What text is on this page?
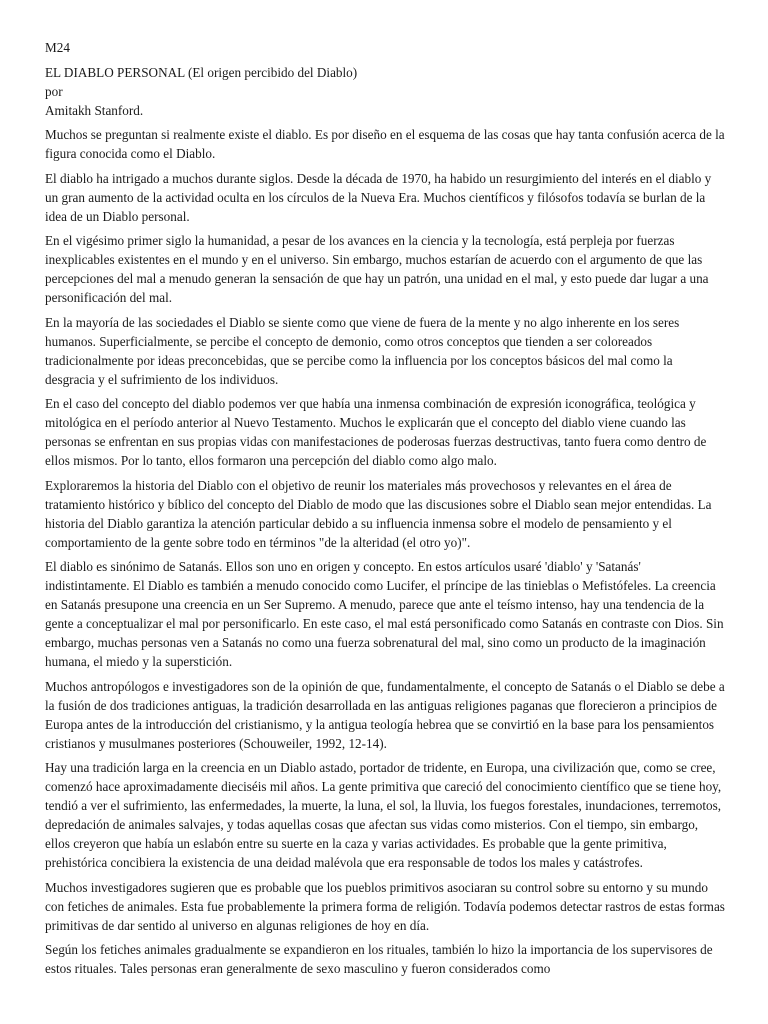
M24

EL DIABLO PERSONAL (El origen percibido del Diablo)

por

Amitakh Stanford.

Muchos se preguntan si realmente existe el diablo. Es por diseño en el esquema de las cosas que hay tanta confusión acerca de la figura conocida como el Diablo.

El diablo ha intrigado a muchos durante siglos. Desde la década de 1970, ha habido un resurgimiento del interés en el diablo y un gran aumento de la actividad oculta en los círculos de la Nueva Era. Muchos científicos y filósofos todavía se burlan de la idea de un Diablo personal.

En el vigésimo primer siglo la humanidad, a pesar de los avances en la ciencia y la tecnología, está perpleja por fuerzas inexplicables existentes en el mundo y en el universo. Sin embargo, muchos estarían de acuerdo con el argumento de que las percepciones del mal a menudo generan la sensación de que hay un patrón, una unidad en el mal, y esto puede dar lugar a una personificación del mal.

En la mayoría de las sociedades el Diablo se siente como que viene de fuera de la mente y no algo inherente en los seres humanos. Superficialmente, se percibe el concepto de demonio, como otros conceptos que tienden a ser coloreados tradicionalmente por ideas preconcebidas, que se percibe como la influencia por los conceptos básicos del mal como la desgracia y el sufrimiento de los individuos.

En el caso del concepto del diablo podemos ver que había una inmensa combinación de expresión iconográfica, teológica y mitológica en el período anterior al Nuevo Testamento. Muchos le explicarán que el concepto del diablo viene cuando las personas se enfrentan en sus propias vidas con manifestaciones de poderosas fuerzas destructivas, tanto fuera como dentro de ellos mismos. Por lo tanto, ellos formaron una percepción del diablo como algo malo.

Exploraremos la historia del Diablo con el objetivo de reunir los materiales más provechosos y relevantes en el área de tratamiento histórico y bíblico del concepto del Diablo de modo que las discusiones sobre el Diablo sean mejor entendidas. La historia del Diablo garantiza la atención particular debido a su influencia inmensa sobre el modelo de pensamiento y el comportamiento de la gente sobre todo en términos "de la alteridad (el otro yo)".

El diablo es sinónimo de Satanás. Ellos son uno en origen y concepto. En estos artículos usaré 'diablo' y 'Satanás' indistintamente. El Diablo es también a menudo conocido como Lucifer, el príncipe de las tinieblas o Mefistófeles. La creencia en Satanás presupone una creencia en un Ser Supremo. A menudo, parece que ante el teísmo intenso, hay una tendencia de la gente a conceptualizar el mal por personificarlo. En este caso, el mal está personificado como Satanás en contraste con Dios. Sin embargo, muchas personas ven a Satanás no como una fuerza sobrenatural del mal, sino como un producto de la imaginación humana, el miedo y la superstición.

Muchos antropólogos e investigadores son de la opinión de que, fundamentalmente, el concepto de Satanás o el Diablo se debe a la fusión de dos tradiciones antiguas, la tradición desarrollada en las antiguas religiones paganas que florecieron a principios de Europa antes de la introducción del cristianismo, y la antigua teología hebrea que se convirtió en la base para los pensamientos cristianos y musulmanes posteriores (Schouweiler, 1992, 12-14).

Hay una tradición larga en la creencia en un Diablo astado, portador de tridente, en Europa, una civilización que, como se cree, comenzó hace aproximadamente dieciséis mil años. La gente primitiva que careció del conocimiento científico que se tiene hoy, tendió a ver el sufrimiento, las enfermedades, la muerte, la luna, el sol, la lluvia, los fuegos forestales, inundaciones, terremotos, depredación de animales salvajes, y todas aquellas cosas que afectan sus vidas como misterios. Con el tiempo, sin embargo, ellos creyeron que había un eslabón entre su suerte en la caza y varias actividades. Es probable que la gente primitiva, prehistórica concibiera la existencia de una deidad malévola que era responsable de todos los males y catástrofes.

Muchos investigadores sugieren que es probable que los pueblos primitivos asociaran su control sobre su entorno y su mundo con fetiches de animales. Esta fue probablemente la primera forma de religión. Todavía podemos detectar rastros de estas formas primitivas de dar sentido al universo en algunas religiones de hoy en día.

Según los fetiches animales gradualmente se expandieron en los rituales, también lo hizo la importancia de los supervisores de estos rituales. Tales personas eran generalmente de sexo masculino y fueron considerados como
